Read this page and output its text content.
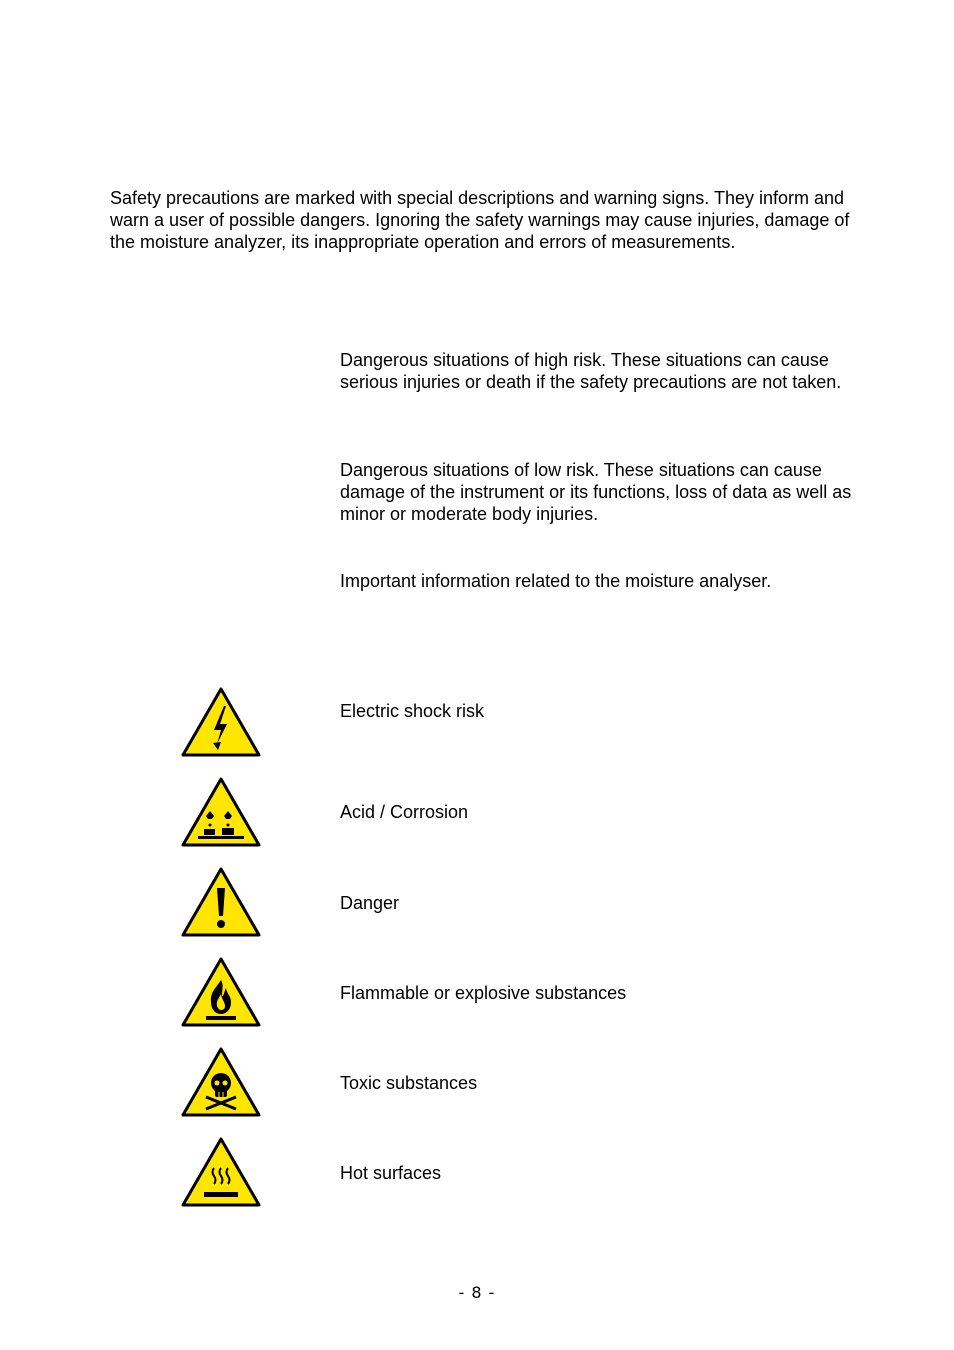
Safety precautions are marked with special descriptions and warning signs. They inform and warn a user of possible dangers. Ignoring the safety warnings may cause injuries, damage of the moisture analyzer, its inappropriate operation and errors of measurements.
Dangerous situations of high risk. These situations can cause serious injuries or death if the safety precautions are not taken.
Dangerous situations of low risk. These situations can cause damage of the instrument or its functions, loss of data as well as minor or moderate body injuries.
Important information related to the moisture analyser.
Electric shock risk
Acid / Corrosion
Danger
Flammable or explosive substances
Toxic substances
Hot surfaces
- 8 -
